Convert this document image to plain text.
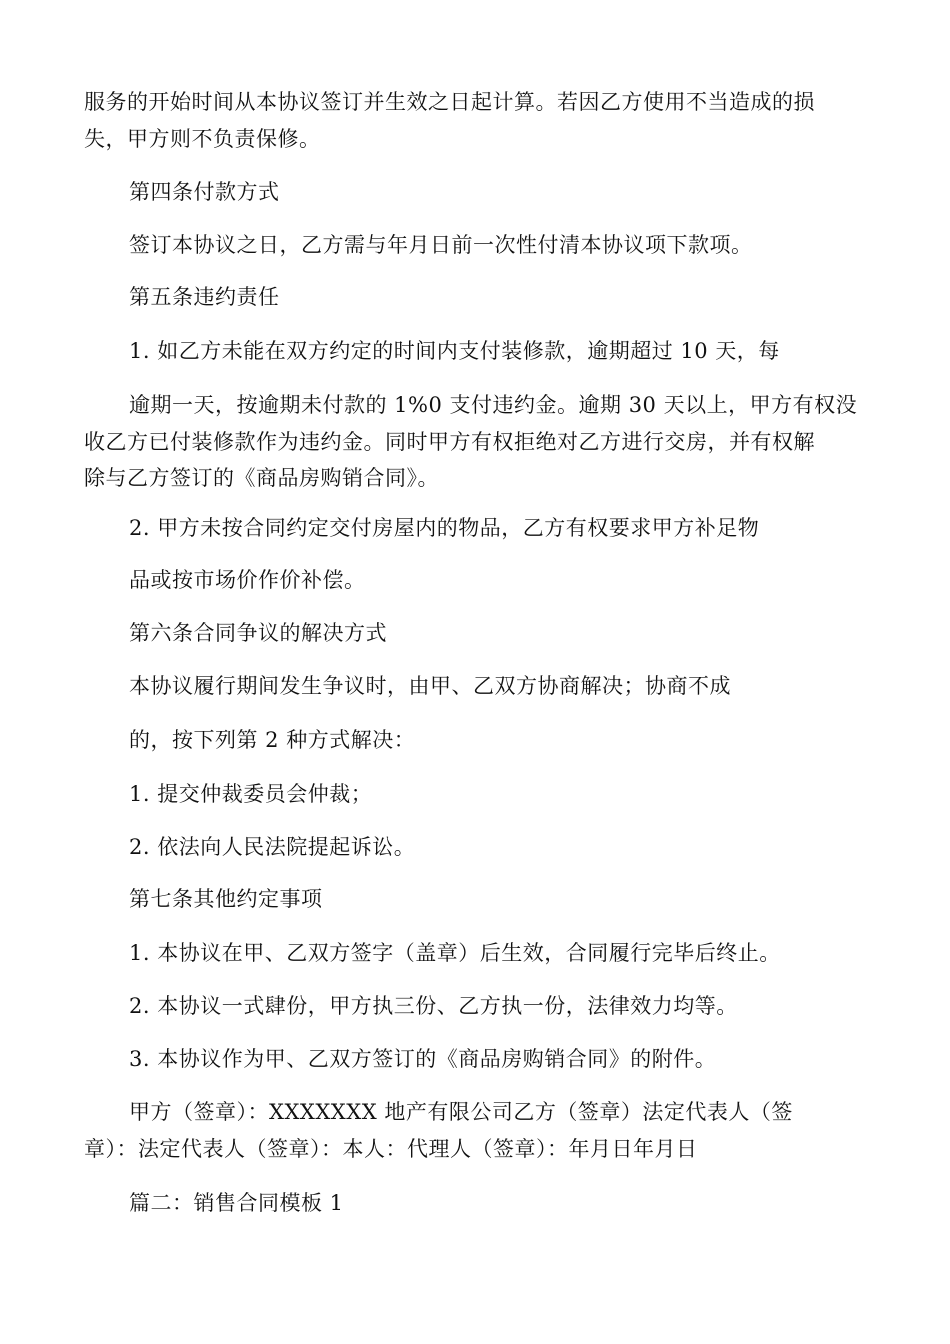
服务的开始时间从本协议签订并生效之日起计算。若因乙方使用不当造成的损
失，甲方则不负责保修。
第四条付款方式
签订本协议之日，乙方需与年月日前一次性付清本协议项下款项。
第五条违约责任
1. 如乙方未能在双方约定的时间内支付装修款，逾期超过 10 天，每
逾期一天，按逾期未付款的 1%0 支付违约金。逾期 30 天以上，甲方有权没
收乙方已付装修款作为违约金。同时甲方有权拒绝对乙方进行交房，并有权解
除与乙方签订的《商品房购销合同》。
2. 甲方未按合同约定交付房屋内的物品，乙方有权要求甲方补足物
品或按市场价作价补偿。
第六条合同争议的解决方式
本协议履行期间发生争议时，由甲、乙双方协商解决；协商不成
的，按下列第 2 种方式解决：
1. 提交仲裁委员会仲裁；
2. 依法向人民法院提起诉讼。
第七条其他约定事项
1. 本协议在甲、乙双方签字（盖章）后生效，合同履行完毕后终止。
2. 本协议一式肆份，甲方执三份、乙方执一份，法律效力均等。
3. 本协议作为甲、乙双方签订的《商品房购销合同》的附件。
甲方（签章）：XXXXXXX 地产有限公司乙方（签章）法定代表人（签
章）：法定代表人（签章）：本人：代理人（签章）：年月日年月日
篇二：销售合同模板 1
